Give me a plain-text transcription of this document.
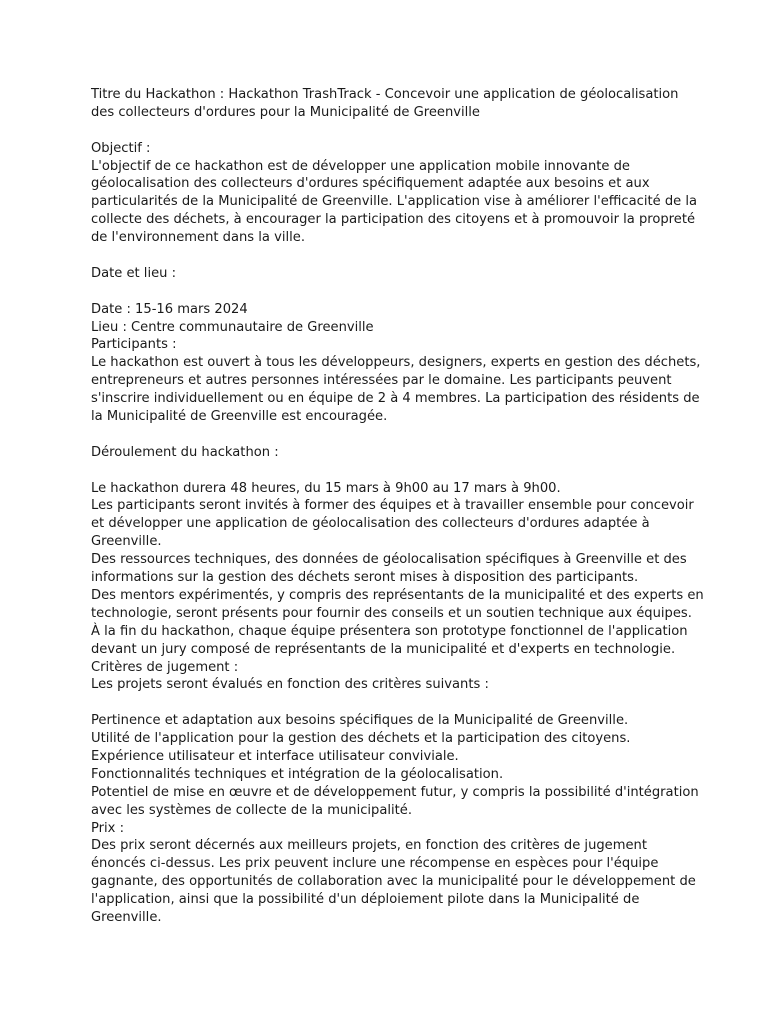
Titre du Hackathon : Hackathon TrashTrack - Concevoir une application de géolocalisation
des collecteurs d'ordures pour la Municipalité de Greenville
Objectif :
L'objectif de ce hackathon est de développer une application mobile innovante de
géolocalisation des collecteurs d'ordures spécifiquement adaptée aux besoins et aux
particularités de la Municipalité de Greenville. L'application vise à améliorer l'efficacité de la
collecte des déchets, à encourager la participation des citoyens et à promouvoir la propreté
de l'environnement dans la ville.
Date et lieu :
Date : 15-16 mars 2024
Lieu : Centre communautaire de Greenville
Participants :
Le hackathon est ouvert à tous les développeurs, designers, experts en gestion des déchets,
entrepreneurs et autres personnes intéressées par le domaine. Les participants peuvent
s'inscrire individuellement ou en équipe de 2 à 4 membres. La participation des résidents de
la Municipalité de Greenville est encouragée.
Déroulement du hackathon :
Le hackathon durera 48 heures, du 15 mars à 9h00 au 17 mars à 9h00.
Les participants seront invités à former des équipes et à travailler ensemble pour concevoir
et développer une application de géolocalisation des collecteurs d'ordures adaptée à
Greenville.
Des ressources techniques, des données de géolocalisation spécifiques à Greenville et des
informations sur la gestion des déchets seront mises à disposition des participants.
Des mentors expérimentés, y compris des représentants de la municipalité et des experts en
technologie, seront présents pour fournir des conseils et un soutien technique aux équipes.
À la fin du hackathon, chaque équipe présentera son prototype fonctionnel de l'application
devant un jury composé de représentants de la municipalité et d'experts en technologie.
Critères de jugement :
Les projets seront évalués en fonction des critères suivants :
Pertinence et adaptation aux besoins spécifiques de la Municipalité de Greenville.
Utilité de l'application pour la gestion des déchets et la participation des citoyens.
Expérience utilisateur et interface utilisateur conviviale.
Fonctionnalités techniques et intégration de la géolocalisation.
Potentiel de mise en œuvre et de développement futur, y compris la possibilité d'intégration
avec les systèmes de collecte de la municipalité.
Prix :
Des prix seront décernés aux meilleurs projets, en fonction des critères de jugement
énoncés ci-dessus. Les prix peuvent inclure une récompense en espèces pour l'équipe
gagnante, des opportunités de collaboration avec la municipalité pour le développement de
l'application, ainsi que la possibilité d'un déploiement pilote dans la Municipalité de
Greenville.
